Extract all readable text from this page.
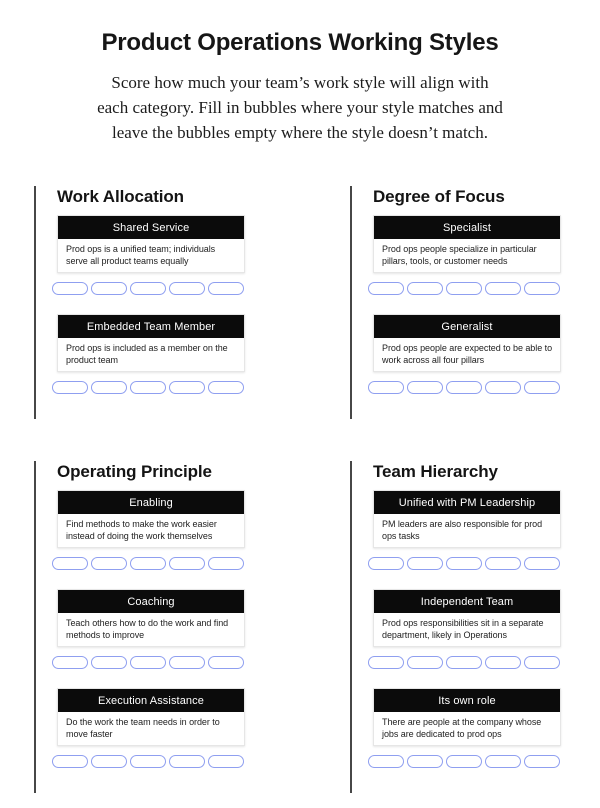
Product Operations Working Styles
Score how much your team’s work style will align with
each category. Fill in bubbles where your style matches and
leave the bubbles empty where the style doesn’t match.
Work Allocation
Shared Service
Prod ops is a unified team; individuals serve all product teams equally
Embedded Team Member
Prod ops is included as a member on the product team
Degree of Focus
Specialist
Prod ops people specialize in particular pillars, tools, or customer needs
Generalist
Prod ops people are expected to be able to work across all four pillars
Operating Principle
Enabling
Find methods to make the work easier instead of doing the work themselves
Coaching
Teach others how to do the work and find methods to improve
Execution Assistance
Do the work the team needs in order to move faster
Team Hierarchy
Unified with PM Leadership
PM leaders are also responsible for prod ops tasks
Independent Team
Prod ops responsibilities sit in a separate department, likely in Operations
Its own role
There are people at the company whose jobs are dedicated to prod ops
